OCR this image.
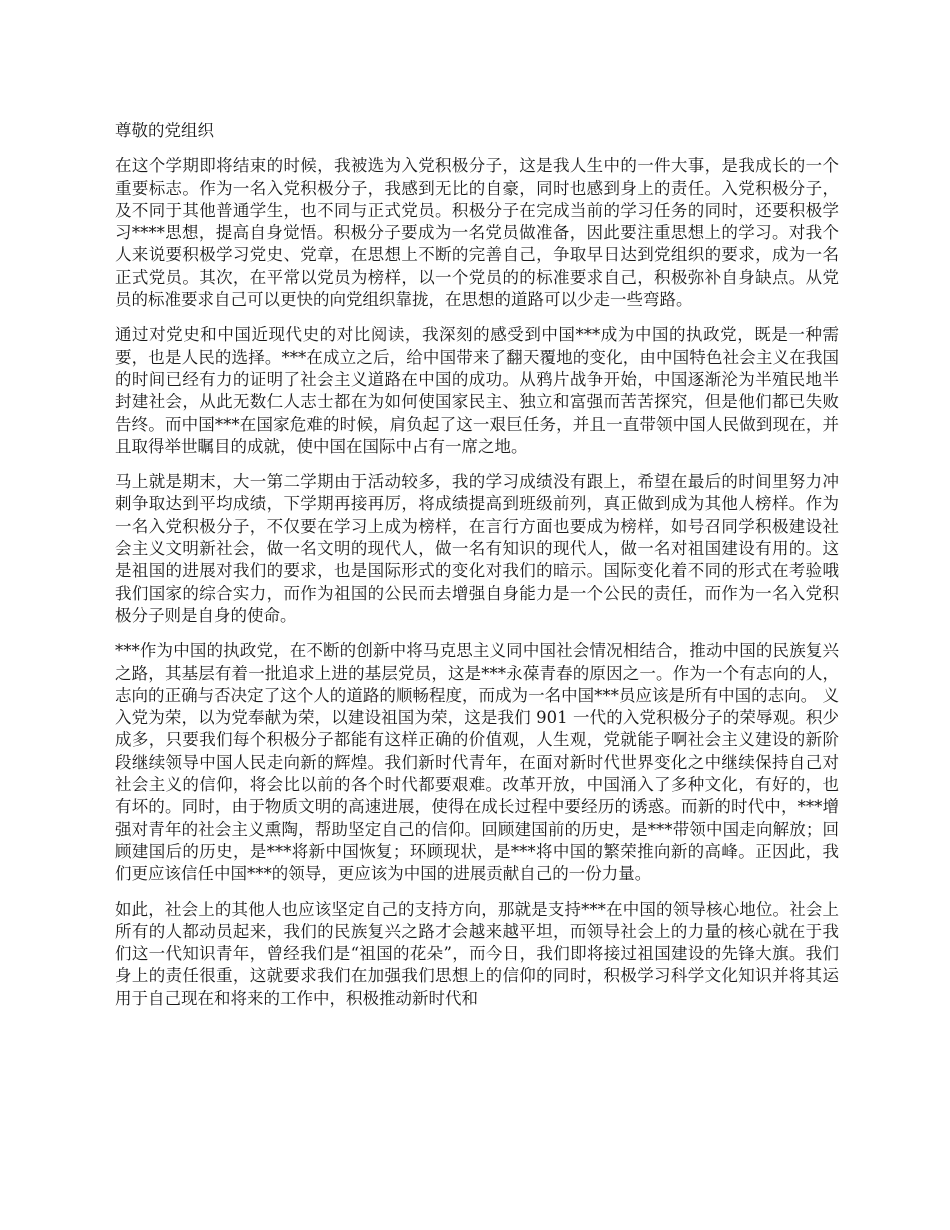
尊敬的党组织

在这个学期即将结束的时候，我被选为入党积极分子，这是我人生中的一件大事，是我成长的一个重要标志。作为一名入党积极分子，我感到无比的自豪，同时也感到身上的责任。入党积极分子，及不同于其他普通学生，也不同与正式党员。积极分子在完成当前的学习任务的同时，还要积极学习****思想，提高自身觉悟。积极分子要成为一名党员做准备，因此要注重思想上的学习。对我个人来说要积极学习党史、党章，在思想上不断的完善自己，争取早日达到党组织的要求，成为一名正式党员。其次，在平常以党员为榜样，以一个党员的的标准要求自己，积极弥补自身缺点。从党员的标准要求自己可以更快的向党组织靠拢，在思想的道路可以少走一些弯路。

通过对党史和中国近现代史的对比阅读，我深刻的感受到中国***成为中国的执政党，既是一种需要，也是人民的选择。***在成立之后，给中国带来了翻天覆地的变化，由中国特色社会主义在我国的时间已经有力的证明了社会主义道路在中国的成功。从鸦片战争开始，中国逐渐沦为半殖民地半封建社会，从此无数仁人志士都在为如何使国家民主、独立和富强而苦苦探究，但是他们都已失败告终。而中国***在国家危难的时候，肩负起了这一艰巨任务，并且一直带领中国人民做到现在，并且取得举世瞩目的成就，使中国在国际中占有一席之地。

马上就是期末，大一第二学期由于活动较多，我的学习成绩没有跟上，希望在最后的时间里努力冲刺争取达到平均成绩，下学期再接再厉，将成绩提高到班级前列，真正做到成为其他人榜样。作为一名入党积极分子，不仅要在学习上成为榜样，在言行方面也要成为榜样，如号召同学积极建设社会主义文明新社会，做一名文明的现代人，做一名有知识的现代人，做一名对祖国建设有用的。这是祖国的进展对我们的要求，也是国际形式的变化对我们的暗示。国际变化着不同的形式在考验哦我们国家的综合实力，而作为祖国的公民而去增强自身能力是一个公民的责任，而作为一名入党积极分子则是自身的使命。

***作为中国的执政党，在不断的创新中将马克思主义同中国社会情况相结合，推动中国的民族复兴之路，其基层有着一批追求上进的基层党员，这是***永葆青春的原因之一。作为一个有志向的人，志向的正确与否决定了这个人的道路的顺畅程度，而成为一名中国***员应该是所有中国的志向。 义入党为荣，以为党奉献为荣，以建设祖国为荣，这是我们 901 一代的入党积极分子的荣辱观。积少成多，只要我们每个积极分子都能有这样正确的价值观，人生观，党就能子啊社会主义建设的新阶段继续领导中国人民走向新的辉煌。我们新时代青年，在面对新时代世界变化之中继续保持自己对社会主义的信仰，将会比以前的各个时代都要艰难。改革开放，中国涌入了多种文化，有好的，也有坏的。同时，由于物质文明的高速进展，使得在成长过程中要经历的诱惑。而新的时代中，***增强对青年的社会主义熏陶，帮助坚定自己的信仰。回顾建国前的历史，是***带领中国走向解放；回顾建国后的历史，是***将新中国恢复；环顾现状，是***将中国的繁荣推向新的高峰。正因此，我们更应该信任中国***的领导，更应该为中国的进展贡献自己的一份力量。

如此，社会上的其他人也应该坚定自己的支持方向，那就是支持***在中国的领导核心地位。社会上所有的人都动员起来，我们的民族复兴之路才会越来越平坦，而领导社会上的力量的核心就在于我们这一代知识青年，曾经我们是“祖国的花朵”，而今日，我们即将接过祖国建设的先锋大旗。我们身上的责任很重，这就要求我们在加强我们思想上的信仰的同时，积极学习科学文化知识并将其运用于自己现在和将来的工作中，积极推动新时代和
